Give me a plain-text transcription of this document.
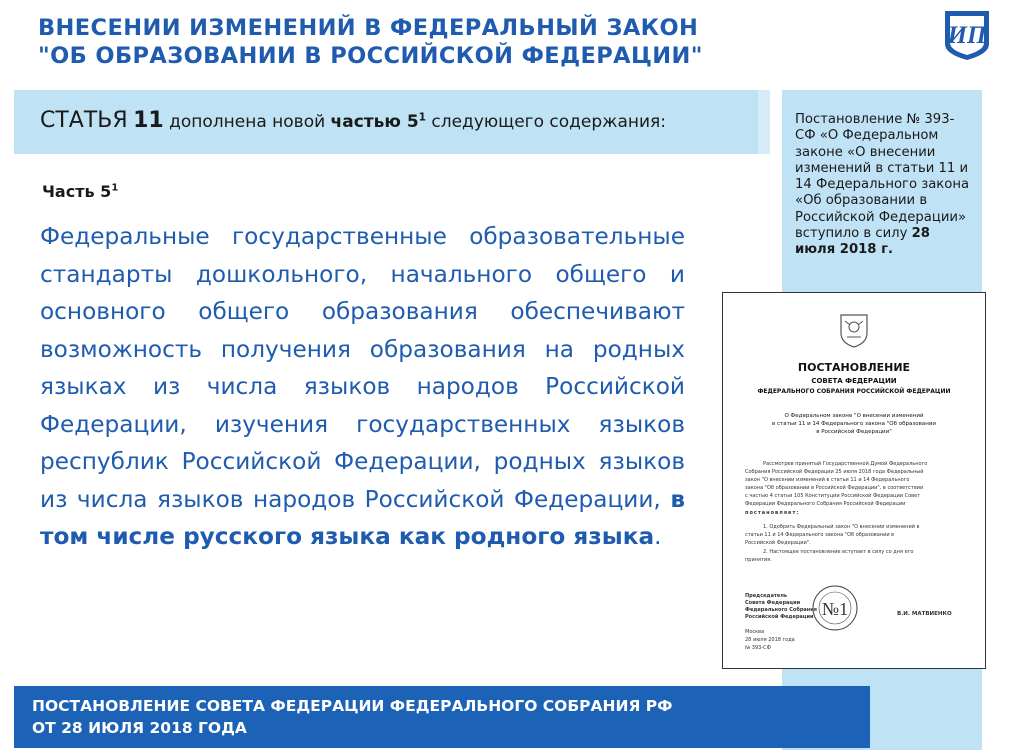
ВНЕСЕНИИ ИЗМЕНЕНИЙ В ФЕДЕРАЛЬНЫЙ ЗАКОН
"ОБ ОБРАЗОВАНИИ В РОССИЙСКОЙ ФЕДЕРАЦИИ"
ИП
СТАТЬЯ 11 дополнена новой частью $5^1$ следующего содержания:	Постановление № 393-СФ «О Федеральном законе «О внесении изменений в статьи 11 и 14 Федерального закона «Об образовании в Российской Федерации» вступило в силу 28 июля 2018 г.
Часть $5^1$
Федеральные государственные образовательные стандарты дошкольного, начального общего и основного общего образования обеспечивают возможность получения образования на родных языках из числа языков народов Российской Федерации, изучения государственных языков республик Российской Федерации, родных языков из числа языков народов Российской Федерации, в том числе русского языка как родного языка.
ПОСТАНОВЛЕНИЕ
СОВЕТА ФЕДЕРАЦИИ
ФЕДЕРАЛЬНОГО СОБРАНИЯ РОССИЙСКОЙ ФЕДЕРАЦИИ
О Федеральном законе "О внесении изменений
в статьи 11 и 14 Федерального закона "Об образовании
в Российской Федерации"
Рассмотрев принятый Государственной Думой Федерального
Собрания Российской Федерации 25 июля 2018 года Федеральный
закон "О внесении изменений в статьи 11 и 14 Федерального
закона "Об образовании в Российской Федерации", в соответствии
с частью 4 статьи 105 Конституции Российской Федерации Совет
Федерации Федерального Собрания Российской Федерации
постановляет:
1. Одобрить Федеральный закон "О внесении изменений в
статьи 11 и 14 Федерального закона "Об образовании в
Российской Федерации".
2. Настоящее постановление вступает в силу со дня его
принятия.
Председатель
Совета Федерации
Федерального Собрания
Российской Федерации	В.И. МАТВИЕНКО
Москва
28 июля 2018 года
№ 393-СФ
№1
ПОСТАНОВЛЕНИЕ СОВЕТА ФЕДЕРАЦИИ ФЕДЕРАЛЬНОГО СОБРАНИЯ РФ
ОТ 28 ИЮЛЯ 2018 ГОДА
